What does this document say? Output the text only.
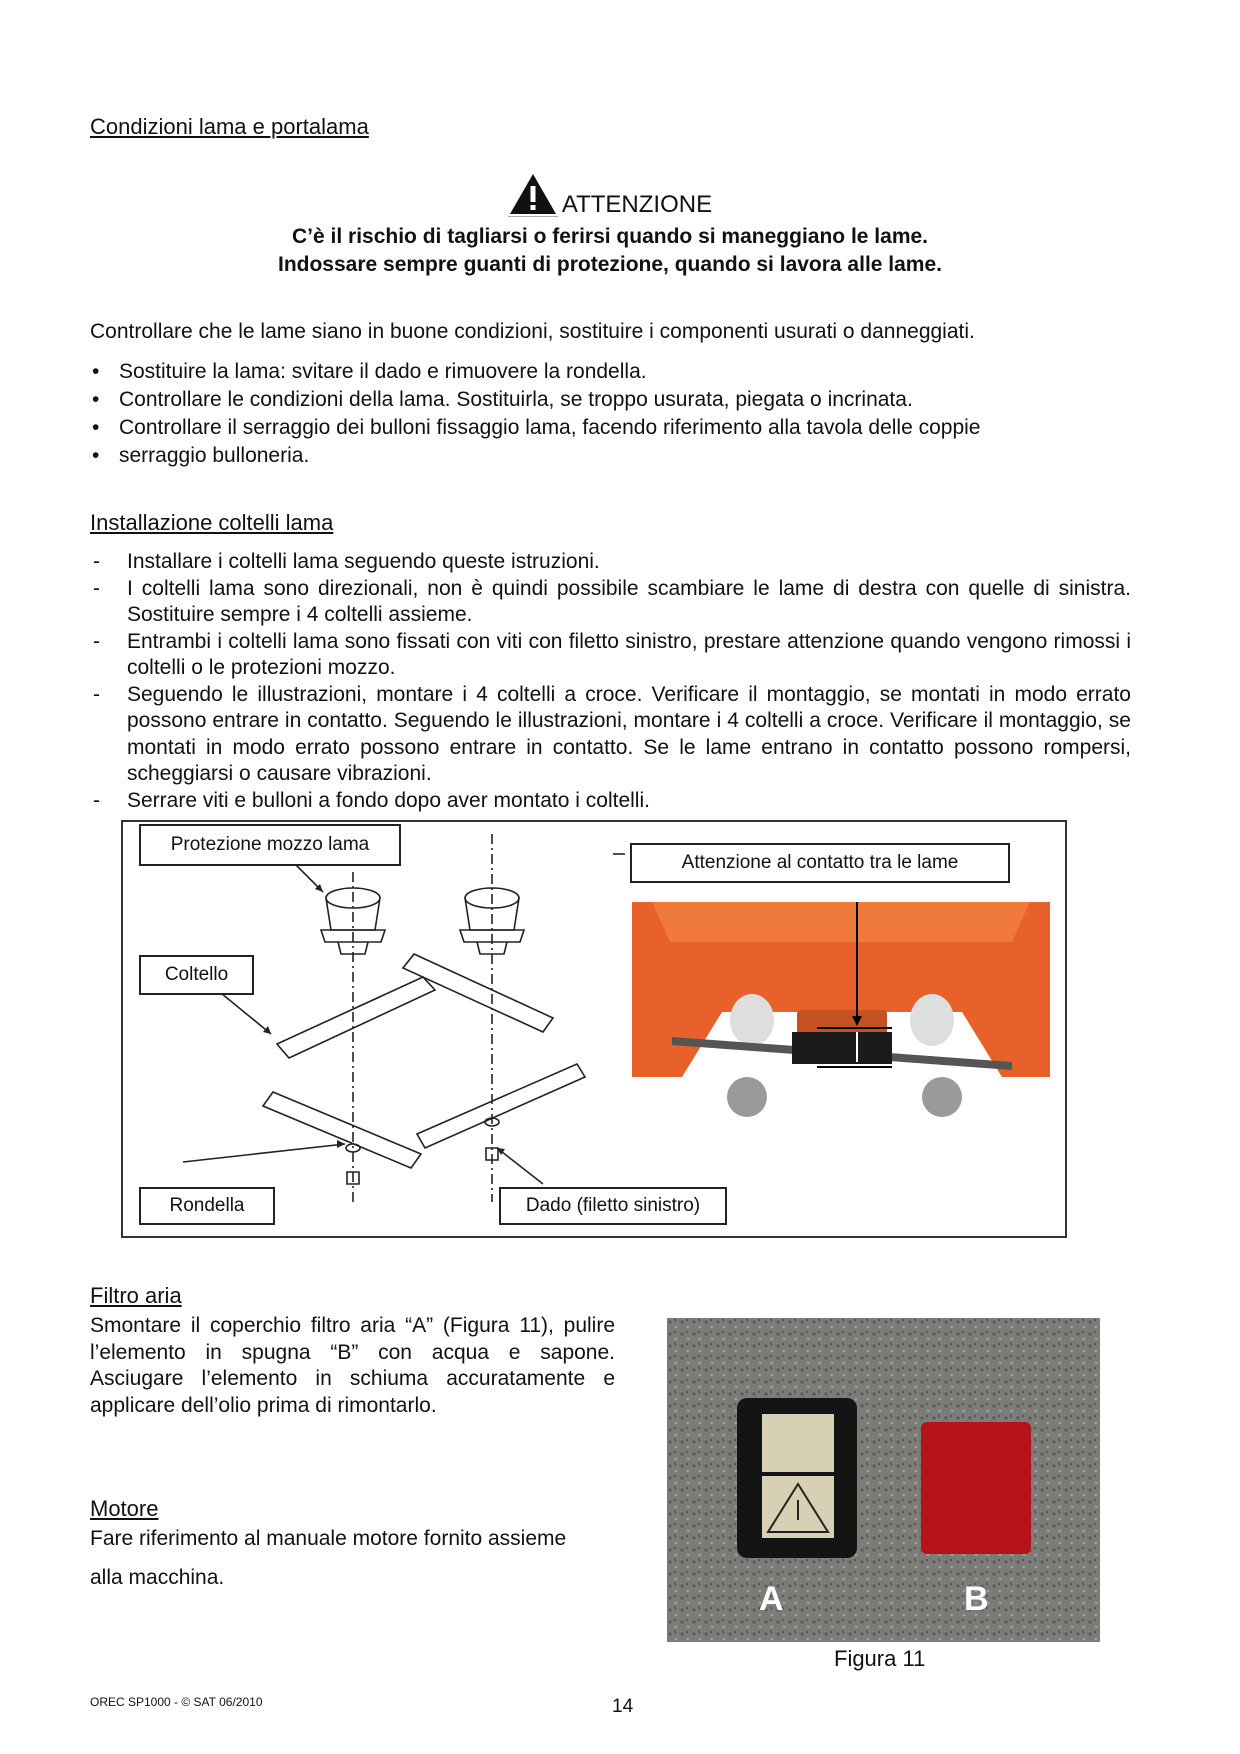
Condizioni lama e portalama
ATTENZIONE
C’è il rischio di tagliarsi o ferirsi quando si maneggiano le lame.
Indossare sempre guanti di protezione, quando si lavora alle lame.
Controllare che le lame siano in buone condizioni, sostituire i componenti usurati o danneggiati.
• Sostituire la lama: svitare il dado e rimuovere la rondella.
• Controllare le condizioni della lama. Sostituirla, se troppo usurata, piegata o incrinata.
• Controllare il serraggio dei bulloni fissaggio lama, facendo riferimento alla tavola delle coppie
• serraggio bulloneria.
Installazione coltelli lama
- Installare i coltelli lama seguendo queste istruzioni.
- I coltelli lama sono direzionali, non è quindi possibile scambiare le lame di destra con quelle di sinistra. Sostituire sempre i 4 coltelli assieme.
- Entrambi i coltelli lama sono fissati con viti con filetto sinistro, prestare attenzione quando vengono rimossi i coltelli o le protezioni mozzo.
- Seguendo le illustrazioni, montare i 4 coltelli a croce. Verificare il montaggio, se montati in modo errato possono entrare in contatto. Seguendo le illustrazioni, montare i 4 coltelli a croce. Verificare il montaggio, se montati in modo errato possono entrare in contatto. Se le lame entrano in contatto possono rompersi, scheggiarsi o causare vibrazioni.
- Serrare viti e bulloni a fondo dopo aver montato i coltelli.
Protezione mozzo lama
Coltello
Rondella	Dado (filetto sinistro)
Attenzione al contatto tra le lame
Filtro aria
Smontare il coperchio filtro aria “A” (Figura 11), pulire l’elemento in spugna “B” con acqua e sapone. Asciugare l’elemento in schiuma accuratamente e applicare dell’olio prima di rimontarlo.
Motore
Fare riferimento al manuale motore fornito assieme
alla macchina.
A	B
Figura 11
OREC SP1000 - © SAT 06/2010	14
